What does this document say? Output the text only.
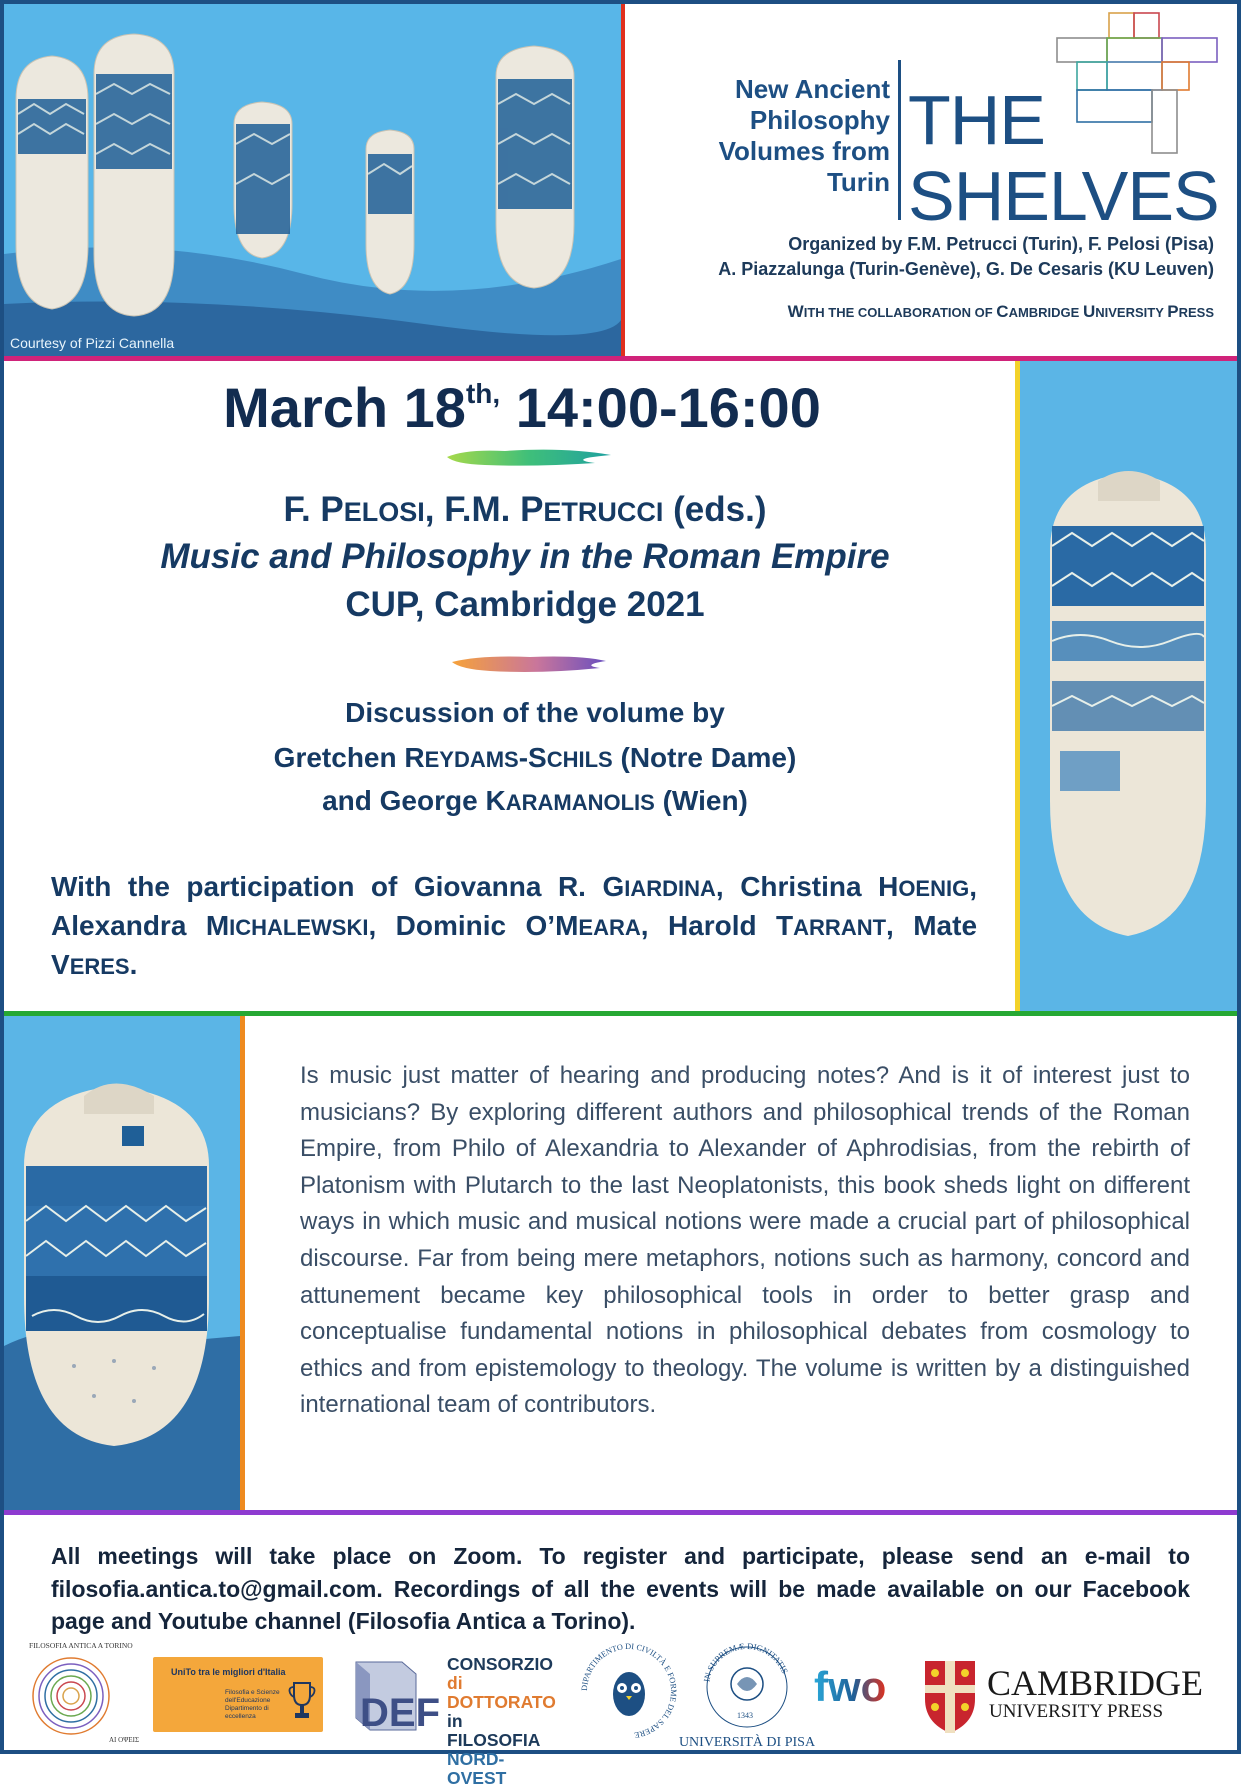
Courtesy of Pizzi Cannella
New Ancient
Philosophy
Volumes from
Turin
THE
SHELVES
Organized by F.M. Petrucci (Turin), F. Pelosi (Pisa)
A. Piazzalunga (Turin-Genève), G. De Cesaris (KU Leuven)
WITH THE COLLABORATION OF CAMBRIDGE UNIVERSITY PRESS
March $18^{th,}$ 14:00-16:00
F. PELOSI, F.M. PETRUCCI (eds.)
Music and Philosophy in the Roman Empire
CUP, Cambridge 2021
Discussion of the volume by
Gretchen REYDAMS-SCHILS (Notre Dame)
and George KARAMANOLIS (Wien)
With the participation of Giovanna R. GIARDINA, Christina HOENIG, Alexandra MICHALEWSKI, Dominic O’MEARA, Harold TARRANT, Mate VERES.
Is music just matter of hearing and producing notes? And is it of interest just to musicians? By exploring different authors and philosophical trends of the Roman Empire, from Philo of Alexandria to Alexander of Aphrodisias, from the rebirth of Platonism with Plutarch to the last Neoplatonists, this book sheds light on different ways in which music and musical notions were made a crucial part of philosophical discourse. Far from being mere metaphors, notions such as harmony, concord and attunement became key philosophical tools in order to better grasp and conceptualise fundamental notions in philosophical debates from cosmology to ethics and from epistemology to theology. The volume is written by a distinguished international team of contributors.
All meetings will take place on Zoom. To register and participate, please send an e-mail to filosofia.antica.to@gmail.com. Recordings of all the events will be made available on our Facebook page and Youtube channel (Filosofia Antica a Torino).
FILOSOFIA ANTICA A TORINO
ΑΙ ΟΨΕΙΣ
UniTo tra le migliori d'Italia
Filosofia e Scienze dell'Educazione
Dipartimento di eccellenza	DEF
CONSORZIO
di DOTTORATO
in FILOSOFIA
NORD-OVEST
DIPARTIMENTO DI CIVILTÀ E FORME DEL SAPERE
IN SUPREMÆ DIGNITATIS
1343
UNIVERSITÀ DI PISA
fwo	CAMBRIDGE
UNIVERSITY PRESS
